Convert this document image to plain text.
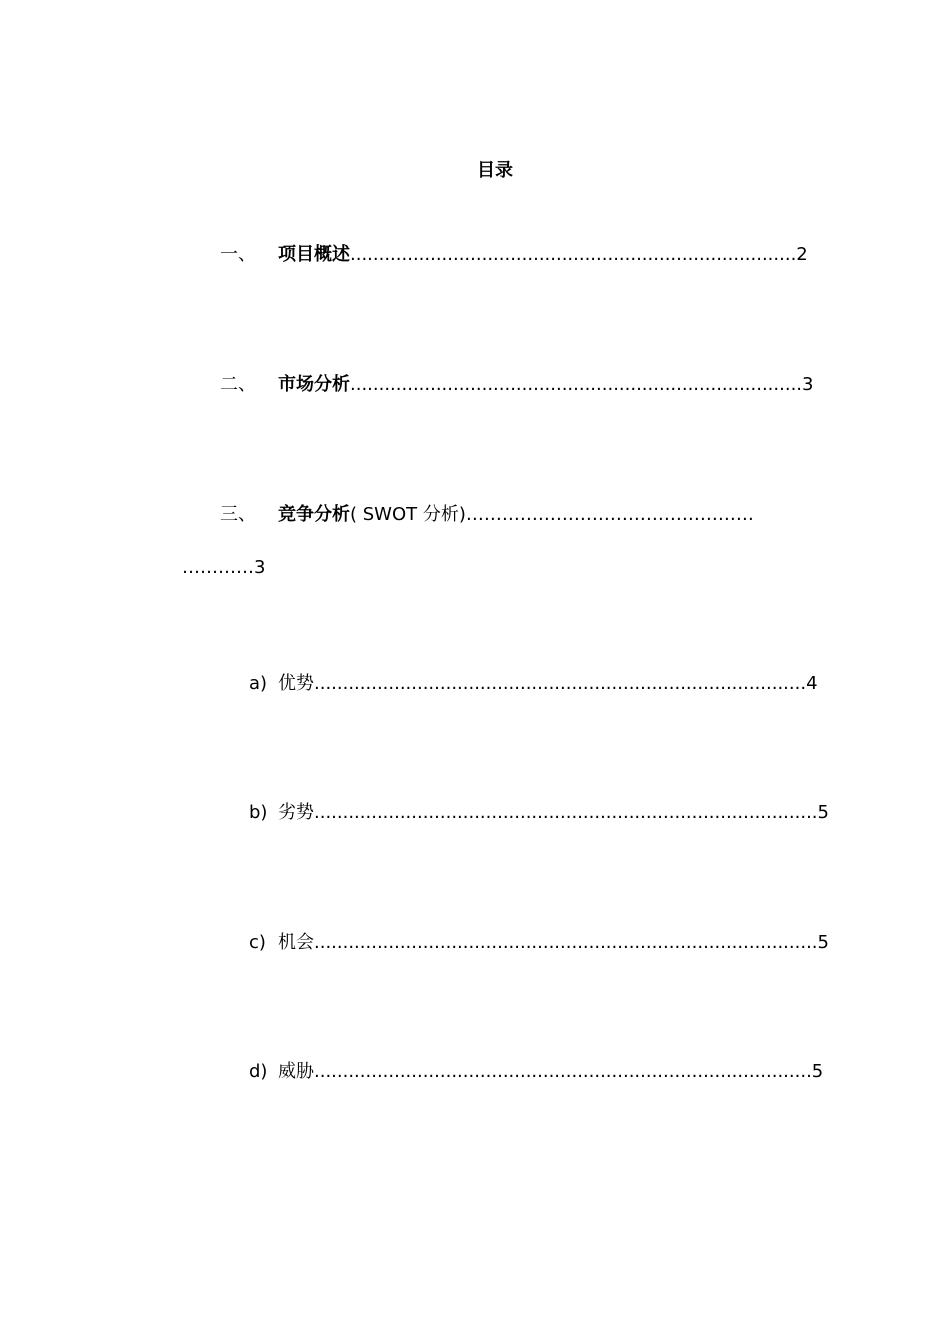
目录
一、 项目概述..............................................................................2
二、 市场分析...............................................................................3
三、 竞争分析( SWOT 分析)…………………………………………
…………3
a) 优势......................................................................................4
b) 劣势........................................................................................5
c) 机会........................................................................................5
d) 威胁.......................................................................................5
